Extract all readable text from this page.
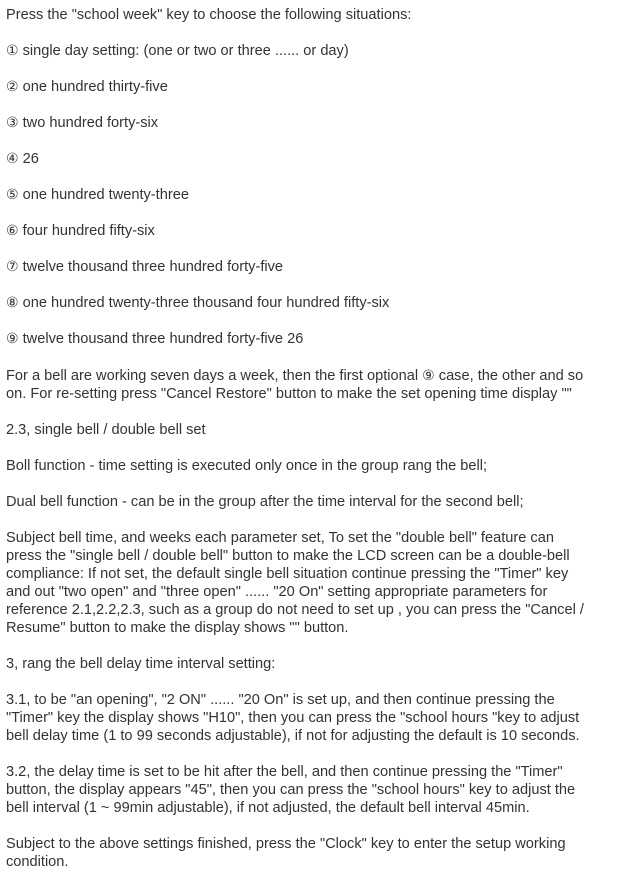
Press the "school week" key to choose the following situations:
① single day setting: (one or two or three ...... or day)
② one hundred thirty-five
③ two hundred forty-six
④ 26
⑤ one hundred twenty-three
⑥ four hundred fifty-six
⑦ twelve thousand three hundred forty-five
⑧ one hundred twenty-three thousand four hundred fifty-six
⑨ twelve thousand three hundred forty-five 26
For a bell are working seven days a week, then the first optional ⑨ case, the other and so
on. For re-setting press "Cancel Restore" button to make the set opening time display ""
2.3, single bell / double bell set
Boll function - time setting is executed only once in the group rang the bell;
Dual bell function - can be in the group after the time interval for the second bell;
Subject bell time, and weeks each parameter set, To set the "double bell" feature can
press the "single bell / double bell" button to make the LCD screen can be a double-bell
compliance: If not set, the default single bell situation continue pressing the "Timer" key
and out "two open" and "three open" ...... "20 On" setting appropriate parameters for
reference 2.1,2.2,2.3, such as a group do not need to set up , you can press the "Cancel /
Resume" button to make the display shows "" button.
3, rang the bell delay time interval setting:
3.1, to be "an opening", "2 ON" ...... "20 On" is set up, and then continue pressing the
"Timer" key the display shows "H10", then you can press the "school hours "key to adjust
bell delay time (1 to 99 seconds adjustable), if not for adjusting the default is 10 seconds.
3.2, the delay time is set to be hit after the bell, and then continue pressing the "Timer"
button, the display appears "45", then you can press the "school hours" key to adjust the
bell interval (1 ~ 99min adjustable), if not adjusted, the default bell interval 45min.
Subject to the above settings finished, press the "Clock" key to enter the setup working
condition.
